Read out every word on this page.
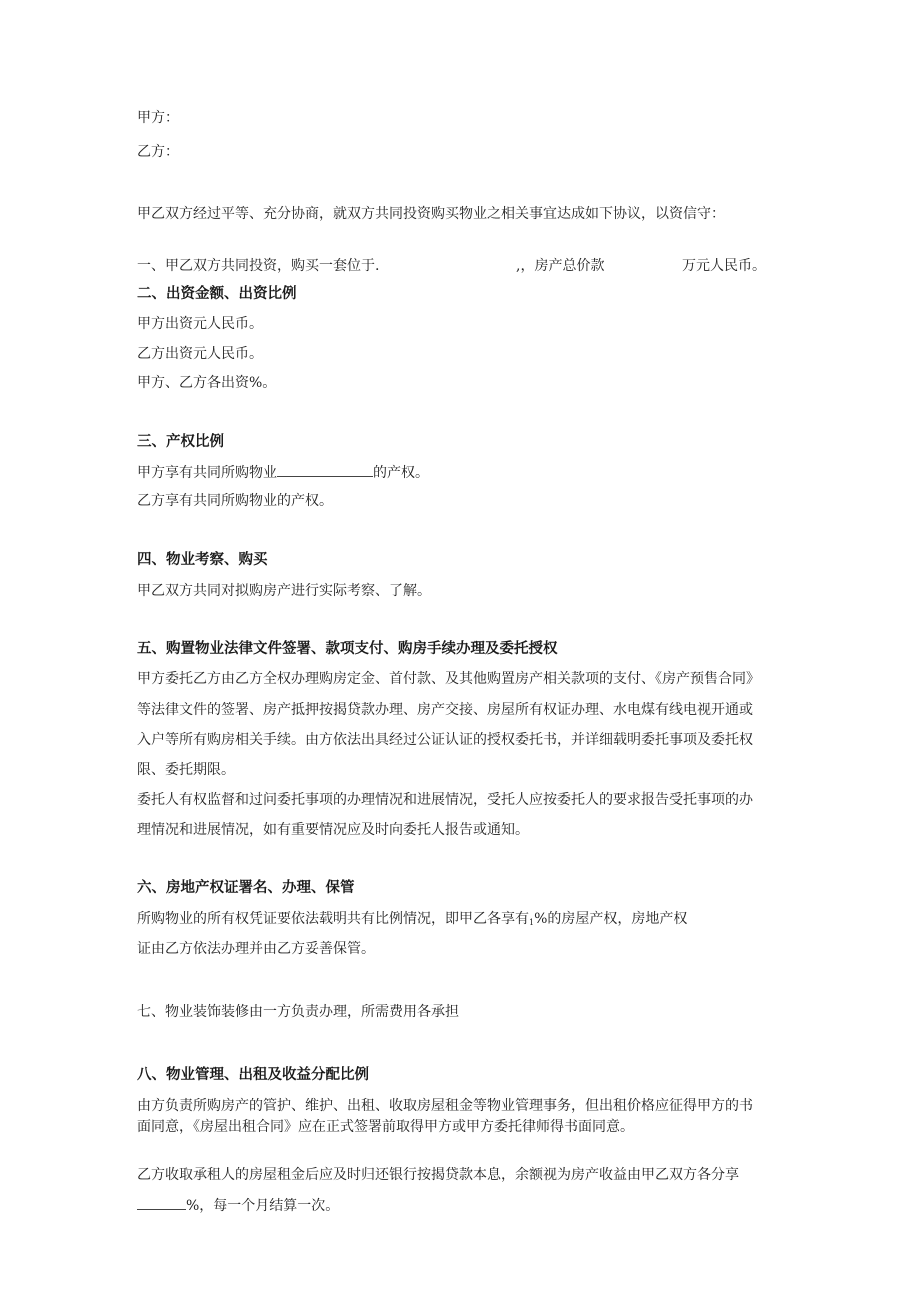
甲方：
乙方：
甲乙双方经过平等、充分协商，就双方共同投资购买物业之相关事宜达成如下协议，以资信守：
一、甲乙双方共同投资，购买一套位于.	,，房产总价款	万元人民币。
二、出资金额、出资比例
甲方出资元人民币。
乙方出资元人民币。
甲方、乙方各出资%。
三、产权比例
甲方享有共同所购物业	的产权。
乙方享有共同所购物业的产权。
四、物业考察、购买
甲乙双方共同对拟购房产进行实际考察、了解。
五、购置物业法律文件签署、款项支付、购房手续办理及委托授权
甲方委托乙方由乙方全权办理购房定金、首付款、及其他购置房产相关款项的支付、《房产预售合同》
等法律文件的签署、房产抵押按揭贷款办理、房产交接、房屋所有权证办理、水电煤有线电视开通或
入户等所有购房相关手续。由方依法出具经过公证认证的授权委托书，并详细载明委托事项及委托权
限、委托期限。
委托人有权监督和过问委托事项的办理情况和进展情况，受托人应按委托人的要求报告受托事项的办
理情况和进展情况，如有重要情况应及时向委托人报告或通知。
六、房地产权证署名、办理、保管
所购物业的所有权凭证要依法载明共有比例情况，即甲乙各享有$_1$%的房屋产权，房地产权
证由乙方依法办理并由乙方妥善保管。
七、物业装饰装修由一方负责办理，所需费用各承担
八、物业管理、出租及收益分配比例
由方负责所购房产的管护、维护、出租、收取房屋租金等物业管理事务，但出租价格应征得甲方的书
面同意，《房屋出租合同》应在正式签署前取得甲方或甲方委托律师得书面同意。
乙方收取承租人的房屋租金后应及时归还银行按揭贷款本息，余额视为房产收益由甲乙双方各分享
%，每一个月结算一次。
